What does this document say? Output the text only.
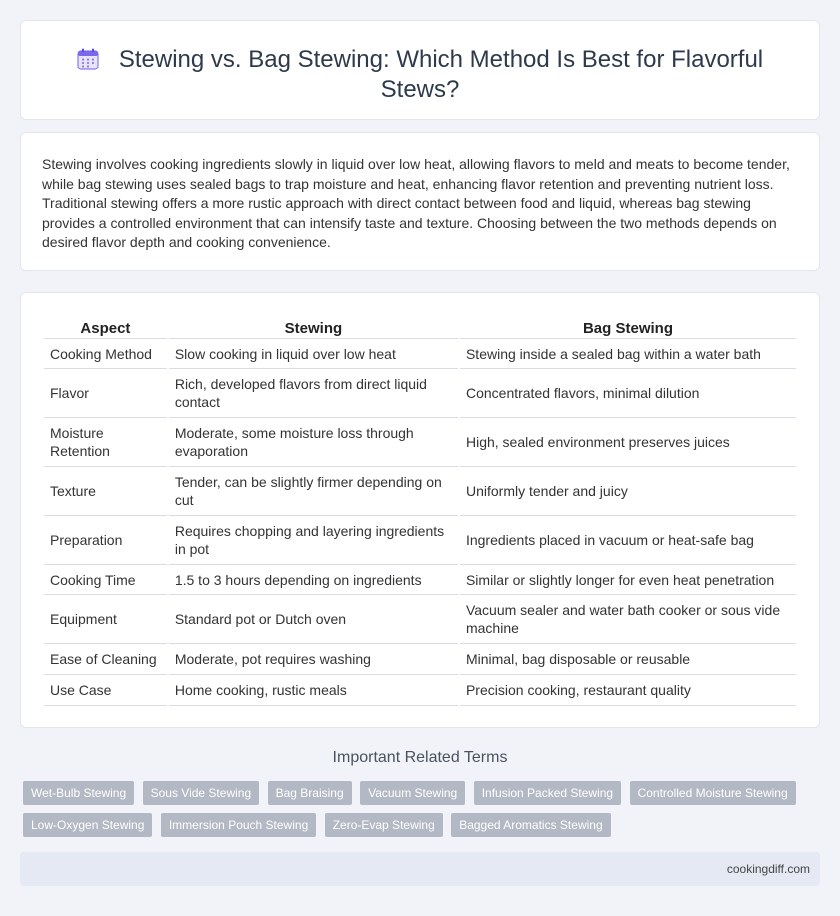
Stewing vs. Bag Stewing: Which Method Is Best for Flavorful Stews?

Stewing involves cooking ingredients slowly in liquid over low heat, allowing flavors to meld and meats to become tender, while bag stewing uses sealed bags to trap moisture and heat, enhancing flavor retention and preventing nutrient loss. Traditional stewing offers a more rustic approach with direct contact between food and liquid, whereas bag stewing provides a controlled environment that can intensify taste and texture. Choosing between the two methods depends on desired flavor depth and cooking convenience.

Aspect	Stewing	Bag Stewing
Cooking Method	Slow cooking in liquid over low heat	Stewing inside a sealed bag within a water bath
Flavor	Rich, developed flavors from direct liquid contact	Concentrated flavors, minimal dilution
Moisture Retention	Moderate, some moisture loss through evaporation	High, sealed environment preserves juices
Texture	Tender, can be slightly firmer depending on cut	Uniformly tender and juicy
Preparation	Requires chopping and layering ingredients in pot	Ingredients placed in vacuum or heat-safe bag
Cooking Time	1.5 to 3 hours depending on ingredients	Similar or slightly longer for even heat penetration
Equipment	Standard pot or Dutch oven	Vacuum sealer and water bath cooker or sous vide machine
Ease of Cleaning	Moderate, pot requires washing	Minimal, bag disposable or reusable
Use Case	Home cooking, rustic meals	Precision cooking, restaurant quality
Important Related Terms
Wet-Bulb Stewing Sous Vide Stewing Bag Braising Vacuum Stewing Infusion Packed Stewing Controlled Moisture Stewing Low-Oxygen Stewing Immersion Pouch Stewing Zero-Evap Stewing Bagged Aromatics Stewing
cookingdiff.com
